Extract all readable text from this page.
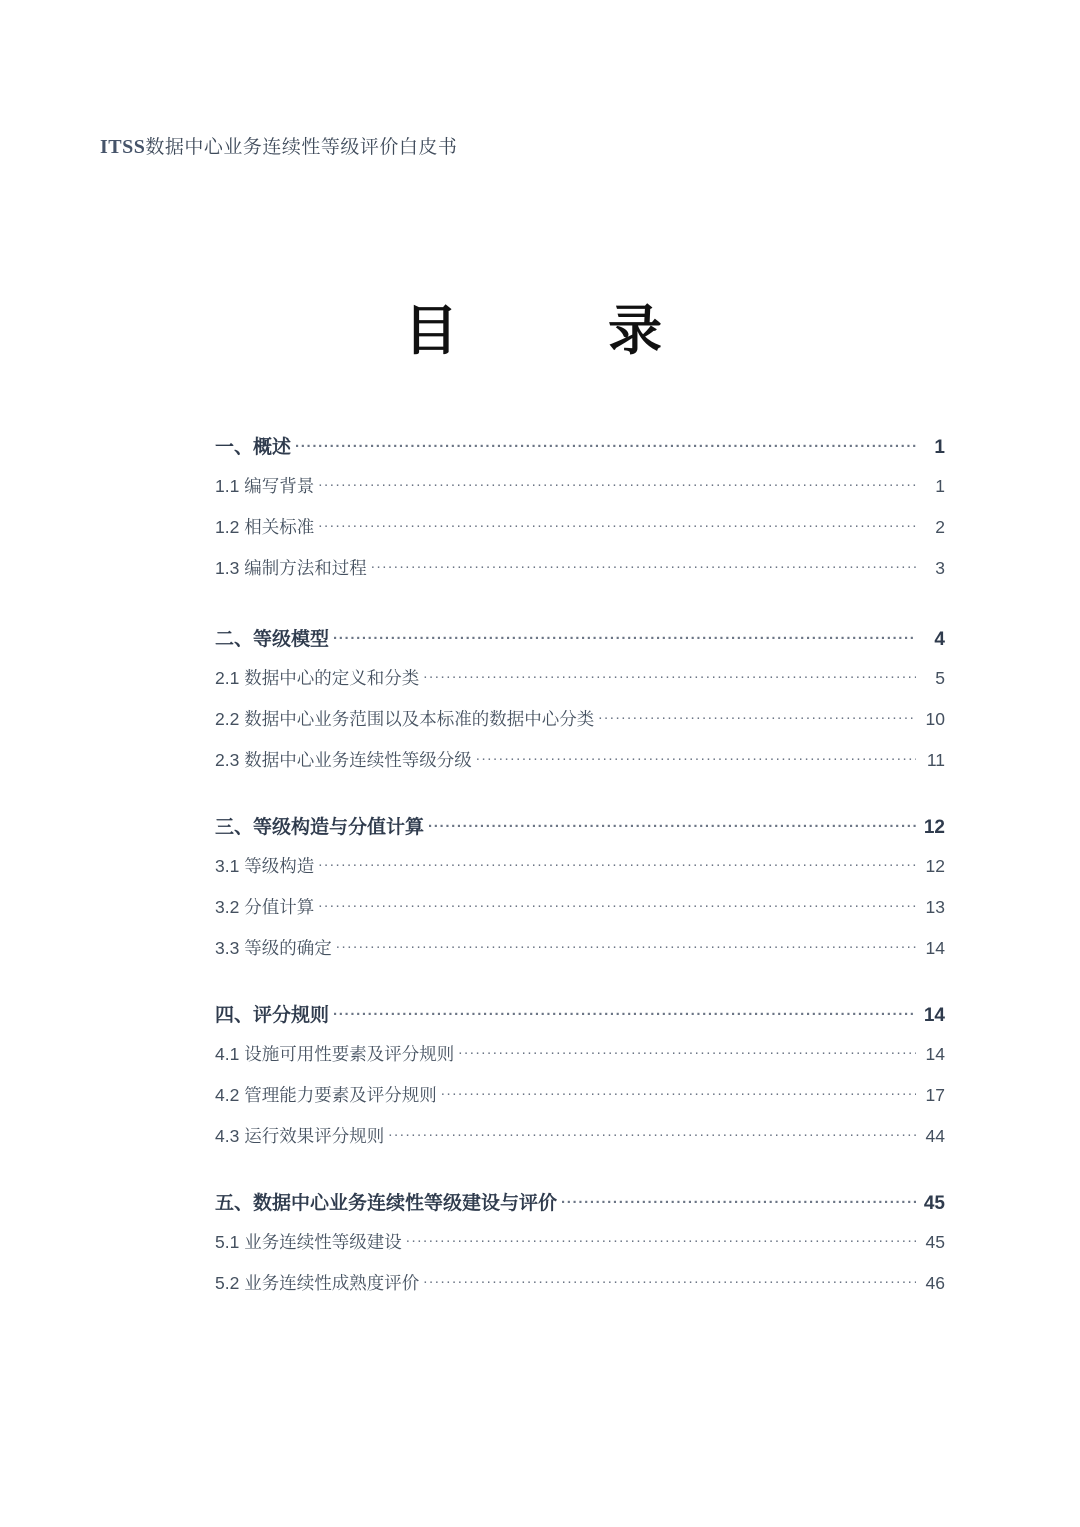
ITSS数据中心业务连续性等级评价白皮书
目　　录
一、概述 .....	1
1.1 编写背景 .....	1
1.2 相关标准 .....	2
1.3 编制方法和过程 .....	3
二、等级模型 .....	4
2.1 数据中心的定义和分类 .....	5
2.2 数据中心业务范围以及本标准的数据中心分类 .....	10
2.3 数据中心业务连续性等级分级 .....	11
三、等级构造与分值计算 .....	12
3.1 等级构造 .....	12
3.2 分值计算 .....	13
3.3 等级的确定 .....	14
四、评分规则 .....	14
4.1 设施可用性要素及评分规则 .....	14
4.2 管理能力要素及评分规则 .....	17
4.3 运行效果评分规则 .....	44
五、数据中心业务连续性等级建设与评价 .....	45
5.1 业务连续性等级建设 .....	45
5.2 业务连续性成熟度评价 .....	46
